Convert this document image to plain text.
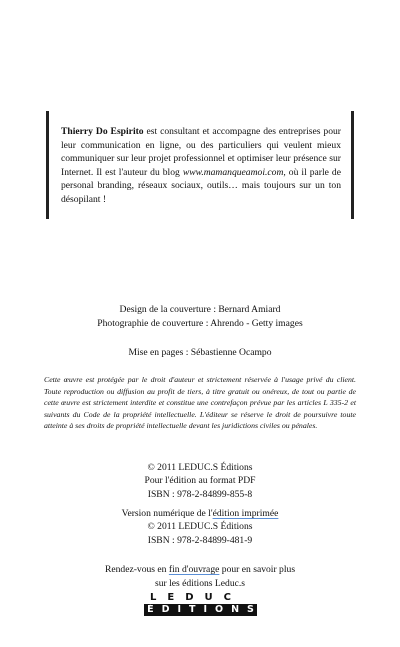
Thierry Do Espirito est consultant et accompagne des entreprises pour leur communication en ligne, ou des particuliers qui veulent mieux communiquer sur leur projet professionnel et optimiser leur présence sur Internet. Il est l'auteur du blog www.mamanqueamoi.com, où il parle de personal branding, réseaux sociaux, outils… mais toujours sur un ton désopilant !
Design de la couverture : Bernard Amiard
Photographie de couverture : Ahrendo - Getty images
Mise en pages : Sébastienne Ocampo
Cette œuvre est protégée par le droit d'auteur et strictement réservée à l'usage privé du client. Toute reproduction ou diffusion au profit de tiers, à titre gratuit ou onéreux, de tout ou partie de cette œuvre est strictement interdite et constitue une contrefaçon prévue par les articles L 335-2 et suivants du Code de la propriété intellectuelle. L'éditeur se réserve le droit de poursuivre toute atteinte à ses droits de propriété intellectuelle devant les juridictions civiles ou pénales.
© 2011 LEDUC.S Éditions
Pour l'édition au format PDF
ISBN : 978-2-84899-855-8
Version numérique de l'édition imprimée
© 2011 LEDUC.S Éditions
ISBN : 978-2-84899-481-9
Rendez-vous en fin d'ouvrage pour en savoir plus
sur les éditions Leduc.s
LEDUC
ÉDITIONS
